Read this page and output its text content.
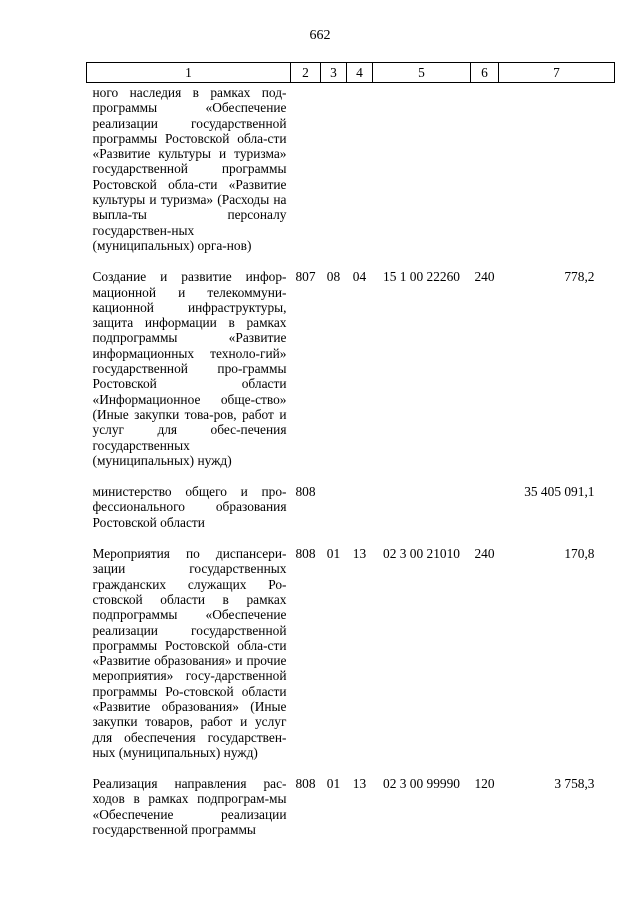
662
1	2	3	4	5	6	7
ного наследия в рамках под-программы «Обеспечение реализации государственной программы Ростовской обла-сти «Развитие культуры и туризма» государственной программы Ростовской обла-сти «Развитие культуры и туризма» (Расходы на выпла-ты персоналу государствен-ных (муниципальных) орга-нов)						
Создание и развитие инфор-мационной и телекоммуни-кационной инфраструктуры, защита информации в рамках подпрограммы «Развитие информационных техноло-гий» государственной про-граммы Ростовской области «Информационное обще-ство» (Иные закупки това-ров, работ и услуг для обес-печения государственных (муниципальных) нужд)	807	08	04	15 1 00 22260	240	778,2
министерство общего и про-фессионального образования Ростовской области	808					35 405 091,1
Мероприятия по диспансери-зации государственных гражданских служащих Ро-стовской области в рамках подпрограммы «Обеспечение реализации государственной программы Ростовской обла-сти «Развитие образования» и прочие мероприятия» госу-дарственной программы Ро-стовской области «Развитие образования» (Иные закупки товаров, работ и услуг для обеспечения государствен-ных (муниципальных) нужд)	808	01	13	02 3 00 21010	240	170,8
Реализация направления рас-ходов в рамках подпрограм-мы «Обеспечение реализации государственной программы	808	01	13	02 3 00 99990	120	3 758,3
